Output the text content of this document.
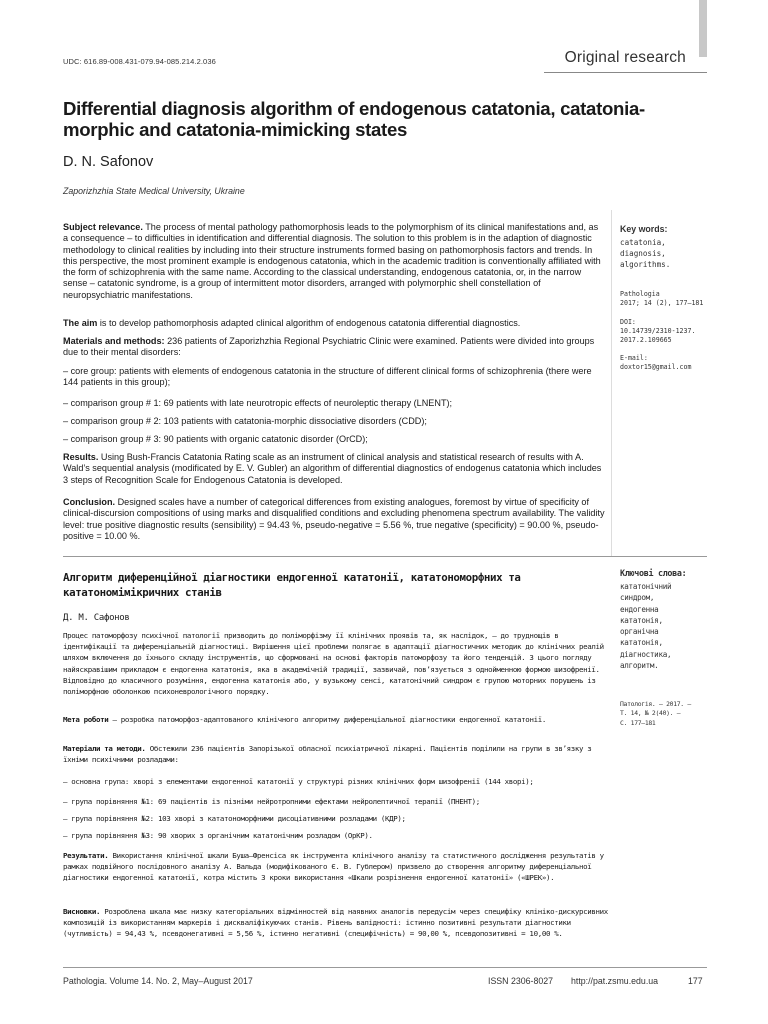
UDC: 616.89-008.431-079.94-085.214.2.036	Original research
Differential diagnosis algorithm of endogenous catatonia, catatonia-morphic and catatonia-mimicking states
D. N. Safonov
Zaporizhzhia State Medical University, Ukraine

Subject relevance. The process of mental pathology pathomorphosis leads to the polymorphism of its clinical manifestations and, as a consequence – to difficulties in identification and differential diagnosis. The solution to this problem is in the adaption of diagnostic methodology to clinical realities by including into their structure instruments formed basing on pathomorphosis factors and trends. In this perspective, the most prominent example is endogenous catatonia, which in the academic tradition is conventionally affiliated with the form of schizophrenia with the same name. According to the classical understanding, endogenous catatonia, or, in the narrow sense – catatonic syndrome, is a group of intermittent motor disorders, arranged with polymorphic shell constellation of neuropsychiatric manifestations.

The aim is to develop pathomorphosis adapted clinical algorithm of endogenous catatonia differential diagnostics.

Materials and methods: 236 patients of Zaporizhzhia Regional Psychiatric Clinic were examined. Patients were divided into groups due to their mental disorders:

– core group: patients with elements of endogenous catatonia in the structure of different clinical forms of schizophrenia (there were 144 patients in this group);

– comparison group # 1: 69 patients with late neurotropic effects of neuroleptic therapy (LNENT);

– comparison group # 2: 103 patients with catatonia-morphic dissociative disorders (CDD);

– comparison group # 3: 90 patients with organic catatonic disorder (OrCD);

Results. Using Bush-Francis Catatonia Rating scale as an instrument of clinical analysis and statistical research of results with A. Wald’s sequential analysis (modificated by E. V. Gubler) an algorithm of differential diagnostics of endogenus catatonia which includes 3 steps of Recognition Scale for Endogenous Catatonia is developed.

Conclusion. Designed scales have a number of categorical differences from existing analogues, foremost by virtue of specificity of clinical-discursion compositions of using marks and disqualified conditions and excluding phenomena spectrum availability. The validity level: true positive diagnostic results (sensibility) = 94.43 %, pseudo-negative = 5.56 %, true negative (specificity) = 90.00 %, pseudo-positive = 10.00 %.

Key words:
catatonia,
diagnosis,
algorithms.
Pathologia
2017; 14 (2), 177–181
DOI:
10.14739/2310-1237.
2017.2.109665
E-mail:
doxtor15@gmail.com
Алгоритм диференційної діагностики ендогенної кататонії, кататономорфних та кататономімікричних станів
Д. М. Сафонов

Процес патоморфозу психічної патології призводить до поліморфізму її клінічних проявів та, як наслідок, – до труднощів в ідентифікації та диференціальній діагностиці. Вирішення цієї проблеми полягає в адаптації діагностичних методик до клінічних реалій шляхом включення до їхнього складу інструментів, що сформовані на основі факторів патоморфозу та його тенденцій. З цього погляду найяскравішим прикладом є ендогенна кататонія, яка в академічній традиції, зазвичай, пов’язується з однойменною формою шизофренії. Відповідно до класичного розуміння, ендогенна кататонія або, у вузькому сенсі, кататонічний синдром є групою моторних порушень із поліморфною оболонкою психоневрологічного порядку.

Мета роботи – розробка патоморфоз-адаптованого клінічного алгоритму диференціальної діагностики ендогенної кататонії.

Матеріали та методи. Обстежили 236 пацієнтів Запорізької обласної психіатричної лікарні. Пацієнтів поділили на групи в зв’язку з їхніми психічними розладами:

– основна група: хворі з елементами ендогенної кататонії у структурі різних клінічних форм шизофренії (144 хворі);

– група порівняння №1: 69 пацієнтів із пізніми нейротропними ефектами нейролептичної терапії (ПНЕНТ);

– група порівняння №2: 103 хворі з кататономорфними дисоціативними розладами (КДР);

– група порівняння №3: 90 хворих з органічним кататонічним розладом (ОрКР).

Результати. Використання клінічної шкали Буша–Френсіса як інструмента клінічного аналізу та статистичного дослідження результатів у рамках подвійного послідовного аналізу А. Вальда (модифікованого Є. В. Гублером) призвело до створення алгоритму диференціальної діагностики ендогенної кататонії, котра містить 3 кроки використання «Шкали розрізнення ендогенної кататонії» («ШРЕК»).

Висновки. Розроблена шкала має низку категоріальних відмінностей від наявних аналогів передусім через специфіку клініко-дискурсивних композицій із використанням маркерів і дискваліфікуючих станів. Рівень валідності: істинно позитивні результати діагностики (чутливість) = 94,43 %, псевдонегативні = 5,56 %, істинно негативні (специфічність) = 90,00 %, псевдопозитивні = 10,00 %.

Ключові слова:
кататонічний
синдром,
ендогенна
кататонія,
органічна
кататонія,
діагностика,
алгоритм.
Патологія. – 2017. –
Т. 14, № 2(40). –
С. 177–181
Pathologia. Volume 14. No. 2, May–August 2017	ISSN 2306-8027 http://pat.zsmu.edu.ua	177
